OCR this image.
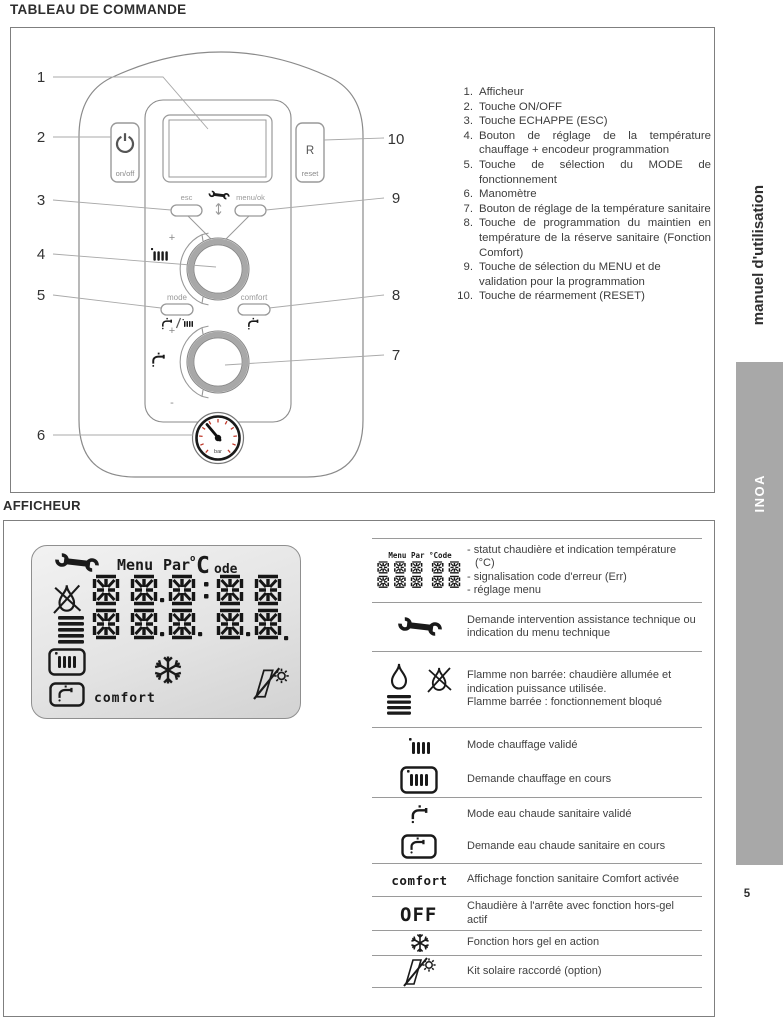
TABLEAU DE COMMANDE
on/off
R
reset
esc	menu/ok
+
mode	comfort
+
-
bar
1
2
3
4
5
6
10
9
8
7
1. Afficheur
2. Touche ON/OFF
3. Touche ECHAPPE (ESC)
4. Bouton de réglage de la température chauffage + encodeur programmation
5. Touche de sélection du MODE de fonctionnement
6. Manomètre
7. Bouton de réglage de la température sanitaire
8. Touche de programmation du maintien en température de la réserve sanitaire (Fonction Comfort)
9. Touche de sélection du MENU et de validation pour la programmation
10. Touche de réarmement (RESET)
AFFICHEUR
Menu Par o C ode
comfort
Menu Par °Code - statut chaudière et indication température (°C)
- signalisation code d'erreur (Err)
- réglage menu
Demande intervention assistance technique ou indication du menu technique
Flamme non barrée: chaudière allumée et indication puissance utilisée.
Flamme barrée : fonctionnement bloqué
Mode chauffage validé
Demande chauffage en cours
Mode eau chaude sanitaire validé
Demande eau chaude sanitaire en cours
comfort Affichage fonction sanitaire Comfort activée
OFF	Chaudière à l'arrête avec fonction hors-gel actif
Fonction hors gel en action
Kit solaire raccordé (option)
manuel d'utilisation
INOA
5
